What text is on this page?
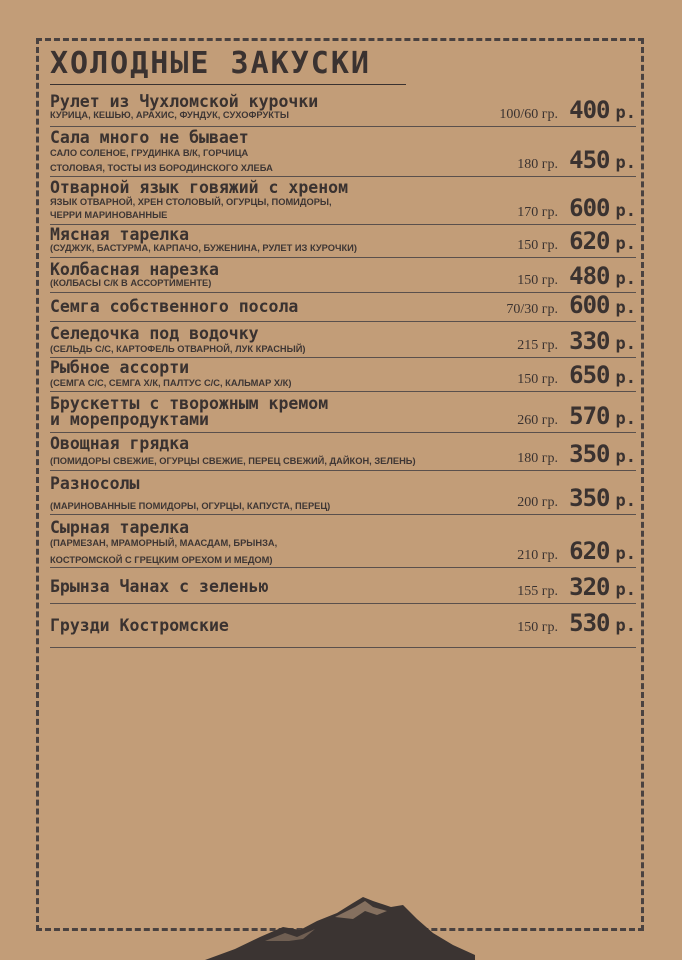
ХОЛОДНЫЕ ЗАКУСКИ
Рулет из Чухломской курочки
КУРИЦА, КЕШЬЮ, АРАХИС, ФУНДУК, СУХОФРУКТЫ	100/60 гр. 400 р.
Сала много не бывает
САЛО СОЛЕНОЕ, ГРУДИНКА В/К, ГОРЧИЦА
СТОЛОВАЯ, ТОСТЫ ИЗ БОРОДИНСКОГО ХЛЕБА	180 гр. 450 р.
Отварной язык говяжий с хреном
ЯЗЫК ОТВАРНОЙ, ХРЕН СТОЛОВЫЙ, ОГУРЦЫ, ПОМИДОРЫ,
ЧЕРРИ МАРИНОВАННЫЕ	170 гр. 600 р.
Мясная тарелка
(СУДЖУК, БАСТУРМА, КАРПАЧО, БУЖЕНИНА, РУЛЕТ ИЗ КУРОЧКИ)	150 гр. 620 р.
Колбасная нарезка
(КОЛБАСЫ С/К В АССОРТИМЕНТЕ)	150 гр. 480 р.
Семга собственного посола	70/30 гр. 600 р.
Селедочка под водочку
(СЕЛЬДЬ С/С, КАРТОФЕЛЬ ОТВАРНОЙ, ЛУК КРАСНЫЙ)	215 гр. 330 р.
Рыбное ассорти
(СЕМГА С/С, СЕМГА Х/К, ПАЛТУС С/С, КАЛЬМАР Х/К)	150 гр. 650 р.
Брускетты с творожным кремом
и морепродуктами	260 гр. 570 р.
Овощная грядка
(ПОМИДОРЫ СВЕЖИЕ, ОГУРЦЫ СВЕЖИЕ, ПЕРЕЦ СВЕЖИЙ, ДАЙКОН, ЗЕЛЕНЬ)	180 гр. 350 р.
Разносолы
(МАРИНОВАННЫЕ ПОМИДОРЫ, ОГУРЦЫ, КАПУСТА, ПЕРЕЦ)	200 гр. 350 р.
Сырная тарелка
(ПАРМЕЗАН, МРАМОРНЫЙ, МААСДАМ, БРЫНЗА,
КОСТРОМСКОЙ С ГРЕЦКИМ ОРЕХОМ И МЕДОМ)	210 гр. 620 р.
Брынза Чанах с зеленью	155 гр. 320 р.
Грузди Костромские	150 гр. 530 р.
